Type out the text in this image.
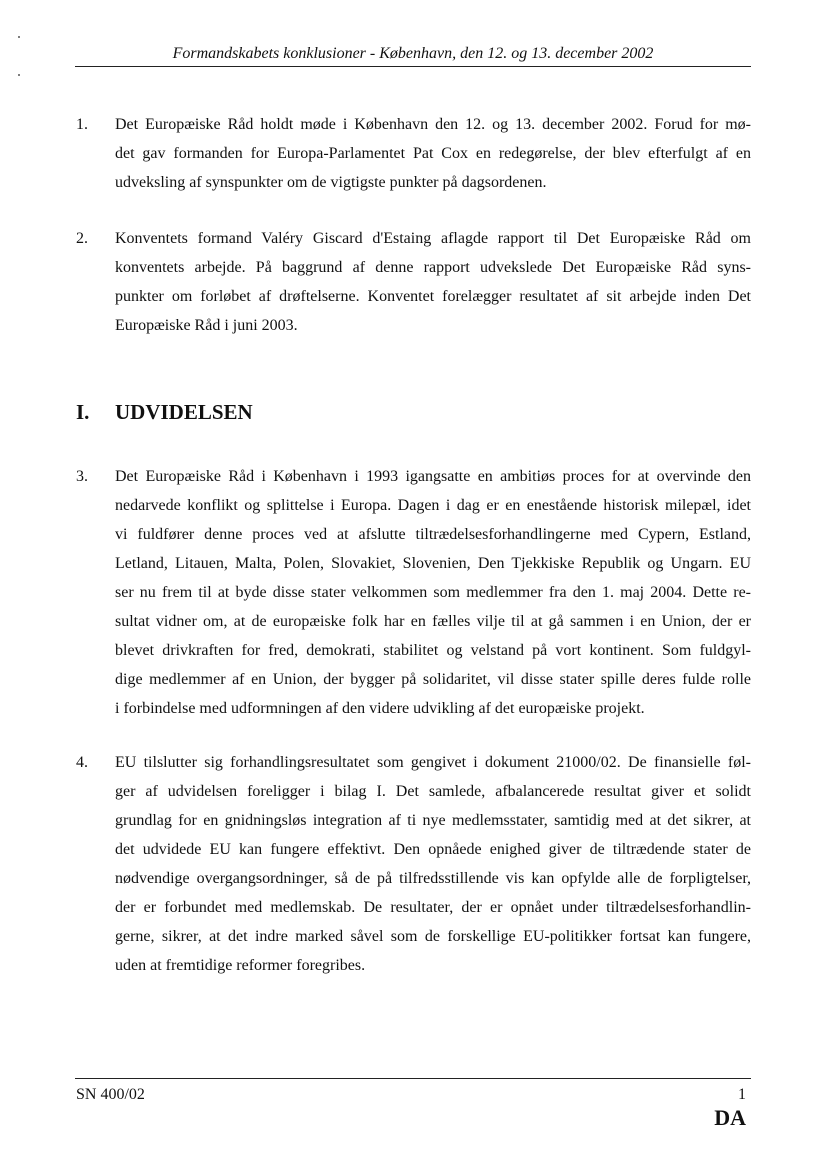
Formandskabets konklusioner - København, den 12. og 13. december 2002
1. Det Europæiske Råd holdt møde i København den 12. og 13. december 2002. Forud for mø-
det gav formanden for Europa-Parlamentet Pat Cox en redegørelse, der blev efterfulgt af en
udveksling af synspunkter om de vigtigste punkter på dagsordenen.
2. Konventets formand Valéry Giscard d'Estaing aflagde rapport til Det Europæiske Råd om
konventets arbejde. På baggrund af denne rapport udvekslede Det Europæiske Råd syns-
punkter om forløbet af drøftelserne. Konventet forelægger resultatet af sit arbejde inden Det
Europæiske Råd i juni 2003.
I. UDVIDELSEN
3. Det Europæiske Råd i København i 1993 igangsatte en ambitiøs proces for at overvinde den
nedarvede konflikt og splittelse i Europa. Dagen i dag er en enestående historisk milepæl, idet
vi fuldfører denne proces ved at afslutte tiltrædelsesforhandlingerne med Cypern, Estland,
Letland, Litauen, Malta, Polen, Slovakiet, Slovenien, Den Tjekkiske Republik og Ungarn. EU
ser nu frem til at byde disse stater velkommen som medlemmer fra den 1. maj 2004. Dette re-
sultat vidner om, at de europæiske folk har en fælles vilje til at gå sammen i en Union, der er
blevet drivkraften for fred, demokrati, stabilitet og velstand på vort kontinent. Som fuldgyl-
dige medlemmer af en Union, der bygger på solidaritet, vil disse stater spille deres fulde rolle
i forbindelse med udformningen af den videre udvikling af det europæiske projekt.
4. EU tilslutter sig forhandlingsresultatet som gengivet i dokument 21000/02. De finansielle føl-
ger af udvidelsen foreligger i bilag I. Det samlede, afbalancerede resultat giver et solidt
grundlag for en gnidningsløs integration af ti nye medlemsstater, samtidig med at det sikrer, at
det udvidede EU kan fungere effektivt. Den opnåede enighed giver de tiltrædende stater de
nødvendige overgangsordninger, så de på tilfredsstillende vis kan opfylde alle de forpligtelser,
der er forbundet med medlemskab. De resultater, der er opnået under tiltrædelsesforhandlin-
gerne, sikrer, at det indre marked såvel som de forskellige EU-politikker fortsat kan fungere,
uden at fremtidige reformer foregribes.
SN 400/02	1
DA
